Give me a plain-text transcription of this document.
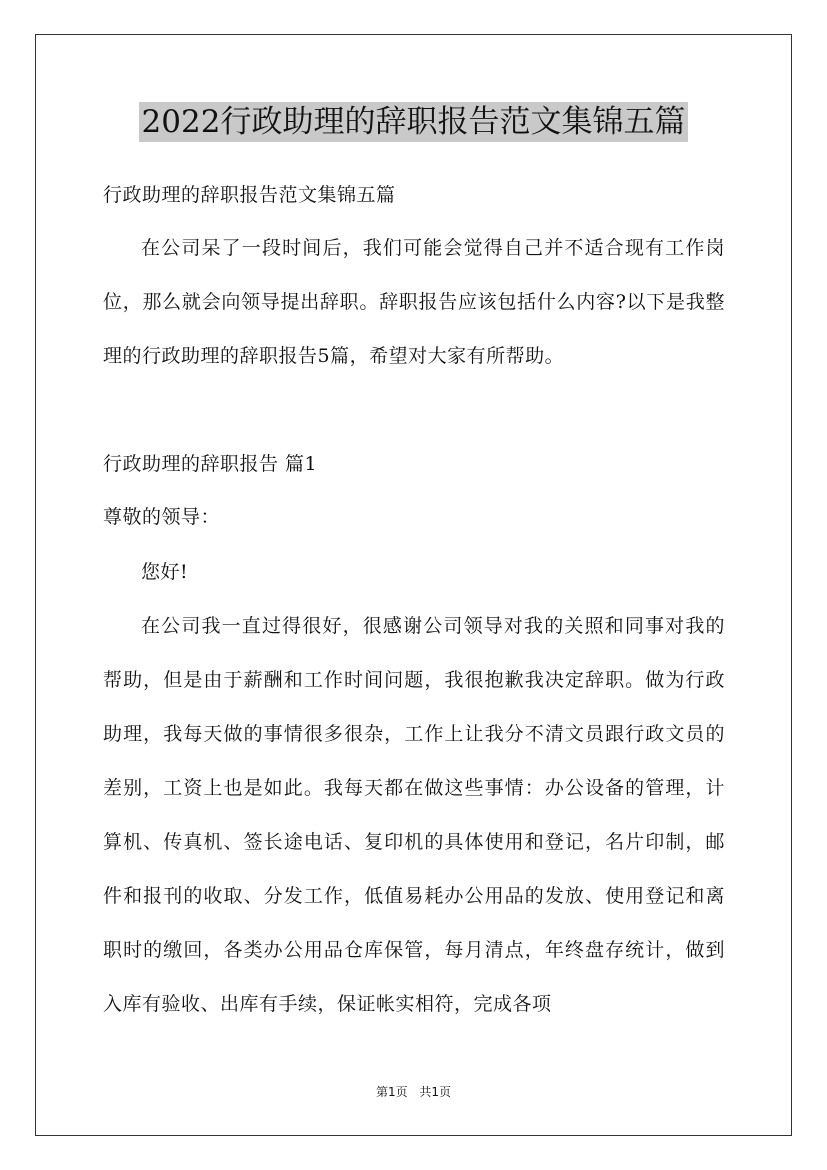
2022行政助理的辞职报告范文集锦五篇
行政助理的辞职报告范文集锦五篇
在公司呆了一段时间后，我们可能会觉得自己并不适合现有工作岗位，那么就会向领导提出辞职。辞职报告应该包括什么内容?以下是我整理的行政助理的辞职报告5篇，希望对大家有所帮助。
行政助理的辞职报告 篇1
尊敬的领导：
您好!
在公司我一直过得很好，很感谢公司领导对我的关照和同事对我的帮助，但是由于薪酬和工作时间问题，我很抱歉我决定辞职。做为行政助理，我每天做的事情很多很杂，工作上让我分不清文员跟行政文员的差别，工资上也是如此。我每天都在做这些事情：办公设备的管理，计算机、传真机、签长途电话、复印机的具体使用和登记，名片印制，邮件和报刊的收取、分发工作，低值易耗办公用品的发放、使用登记和离职时的缴回，各类办公用品仓库保管，每月清点，年终盘存统计，做到入库有验收、出库有手续，保证帐实相符，完成各项
第1页 共1页
